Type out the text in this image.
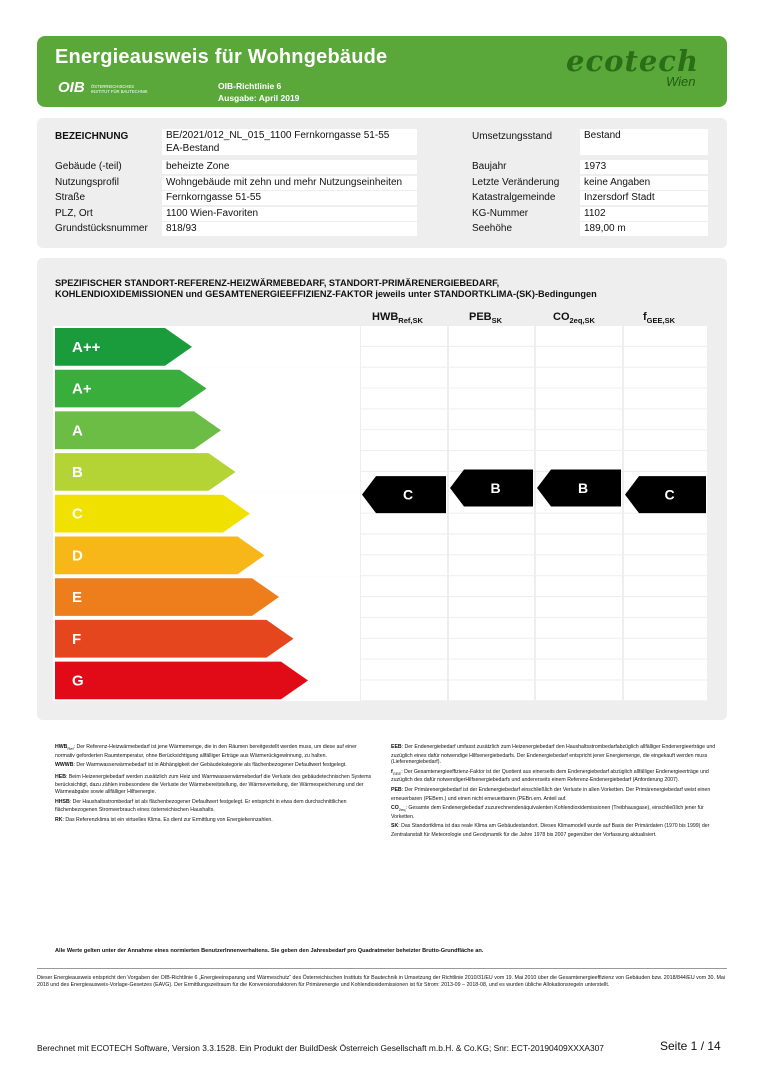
Energieausweis für Wohngebäude
OIB ÖSTERREICHISCHES
INSTITUT FÜR BAUTECHNIK
OIB-Richtlinie 6
Ausgabe: April 2019
ecotech
Wien
BEZEICHNUNG	BE/2021/012_NL_015_1100 Fernkorngasse 51-55
EA-Bestand
Umsetzungsstand	Bestand
Gebäude (-teil)	beheizte Zone
Nutzungsprofil	Wohngebäude mit zehn und mehr Nutzungseinheiten
Straße	Fernkorngasse 51-55
PLZ, Ort	1100 Wien-Favoriten
Grundstücksnummer	818/93
Baujahr	1973
Letzte Veränderung	keine Angaben
Katastralgemeinde	Inzersdorf Stadt
KG-Nummer	1102
Seehöhe	189,00 m
SPEZIFISCHER STANDORT-REFERENZ-HEIZWÄRMEBEDARF, STANDORT-PRIMÄRENERGIEBEDARF,
KOHLENDIOXIDEMISSIONEN und GESAMTENERGIEEFFIZIENZ-FAKTOR jeweils unter STANDORTKLIMA-(SK)-Bedingungen
$HWB_{Ref,SK}$	$PEB_{SK}$	$CO_{2eq,SK}$	$f_{GEE,SK}$
A++
A+
A
B
C
D
E
F
G
C	B	B	C

$HWB_{Ref}$: Der Referenz-Heizwärmebedarf ist jene Wärmemenge, die in den Räumen bereitgestellt werden muss, um diese auf einer normativ geforderten Raumtemperatur, ohne Berücksichtigung allfälliger Erträge aus Wärmerückgewinnung, zu halten.

WWWB: Der Warmwasserwärmebedarf ist in Abhängigkeit der Gebäudekategorie als flächenbezogener Defaultwert festgelegt.

HEB: Beim Heizenergiebedarf werden zusätzlich zum Heiz und Warmwasserwärmebedarf die Verluste des gebäudetechnischen Systems berücksichtigt, dazu zählen insbesondere die Verluste der Wärmebereitstellung, der Wärmeverteilung, der Wärmespeicherung und der Wärmeabgabe sowie allfälliger Hilfsenergie.

HHSB: Der Haushaltsstrombedarf ist als flächenbezogener Defaultwert festgelegt. Er entspricht in etwa dem durchschnittlichen flächenbezogenen Stromverbrauch eines österreichischen Haushalts.

RK: Das Referenzklima ist ein virtuelles Klima. Es dient zur Ermittlung von Energiekennzahlen.

EEB: Der Endenergiebedarf umfasst zusätzlich zum Heizenergiebedarf den Haushaltsstrombedarfabzüglich allfälliger Endenergieerträge und zuzüglich eines dafür notwendige Hilfsenergiebedarfs. Der Endenergiebedarf entspricht jener Energiemenge, die eingekauft werden muss (Lieferenergiebedarf).

$f_{GEE}$: Der Gesamtenergieeffizienz-Faktor ist der Quotient aus einerseits dem Endenergiebedarf abzüglich allfälliger Endenergieerträge und zuzüglich des dafür notwendigerHilfsenergiebedarfs und andererseits einem Referenz-Endenergiebedarf (Anforderung 2007).

PEB: Der Primärenergiebedarf ist der Endenergiebedarf einschließlich der Verluste in allen Vorketten. Der Primärenergiebedarf weist einen erneuerbaren (PEBern.) und einen nicht erneuerbaren (PEBn.ern. Anteil auf.

$CO_{2eq}$: Gesamte dem Endenergiebedarf zuzurechnendenäquivalenten Kohlendioxidemissionen (Treibhausgase), einschließlich jener für Vorketten.

SK: Das Standortklima ist das reale Klima am Gebäudestandort. Dieses Klimamodell wurde auf Basis der Primärdaten (1970 bis 1999) der Zentralanstalt für Meteorologie und Geodynamik für die Jahre 1978 bis 2007 gegenüber der Vorfassung aktualisiert.

Alle Werte gelten unter der Annahme eines normierten BenutzerInnenverhaltens. Sie geben den Jahresbedarf pro Quadratmeter beheizter Brutto-Grundfläche an.
Dieser Energieausweis entspricht den Vorgaben der OIB-Richtlinie 6 „Energieeinsparung und Wärmeschutz“ des Österreichischen Instituts für Bautechnik in Umsetzung der Richtlinie 2010/31/EU vom 19. Mai 2010 über die Gesamtenergieeffizienz von Gebäuden bzw. 2018/844/EU vom 30. Mai 2018 und des Energieausweis-Vorlage-Gesetzes (EAVG). Der Ermittlungszeitraum für die Konversionsfaktoren für Primärenergie und Kohlendioxidemissionen ist für Strom: 2013-09 – 2018-08, und es wurden übliche Allokationsregeln unterstellt.
Berechnet mit ECOTECH Software, Version 3.3.1528. Ein Produkt der BuildDesk Österreich Gesellschaft m.b.H. & Co.KG; Snr: ECT-20190409XXXA307	Seite 1 / 14
